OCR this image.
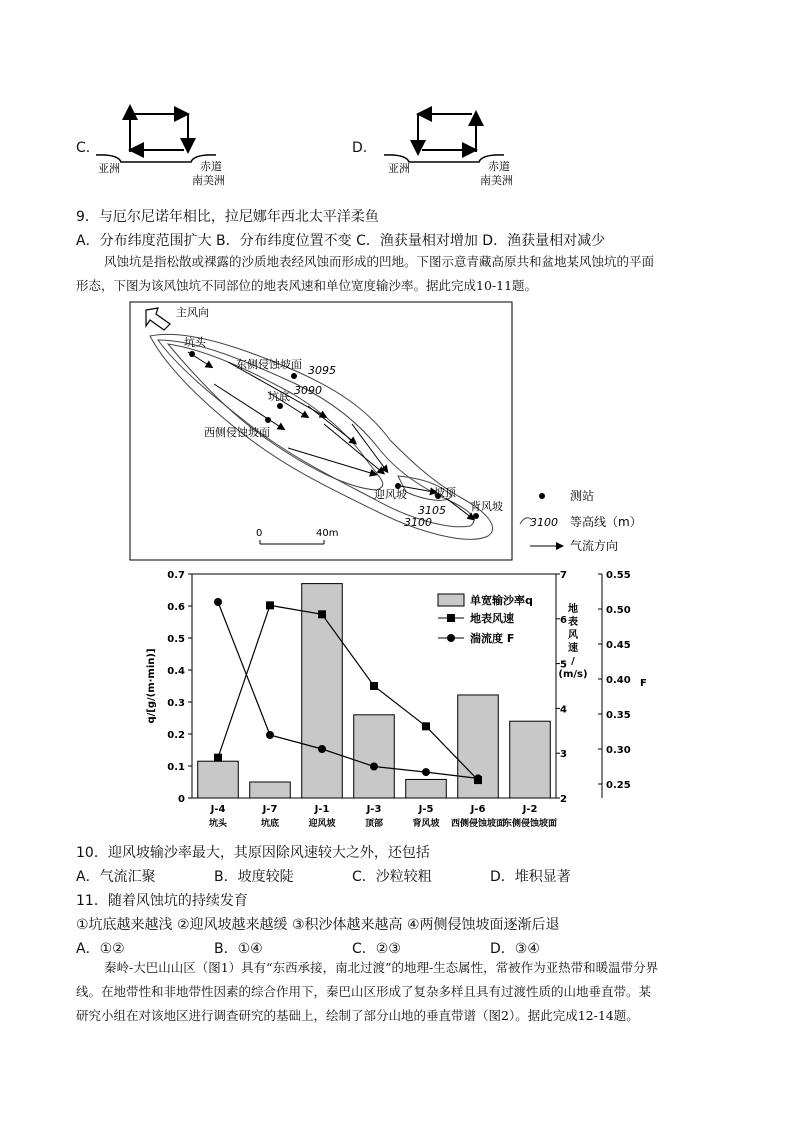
C.
亚洲	赤道
南美洲
D.
亚洲	赤道
南美洲
9．与厄尔尼诺年相比，拉尼娜年西北太平洋柔鱼
A．分布纬度范围扩大 B．分布纬度位置不变 C．渔获量相对增加 D．渔获量相对减少
风蚀坑是指松散或裸露的沙质地表经风蚀而形成的凹地。下图示意青藏高原共和盆地某风蚀坑的平面
形态，下图为该风蚀坑不同部位的地表风速和单位宽度输沙率。据此完成10-11题。
主风向
坑头
东侧侵蚀坡面 3095
3090
坑底
西侧侵蚀坡面
迎风坡 坡顶
背风坡
3105
3100
0	40m
测站
3100 等高线（m）
气流方向
0
0.1
0.2
0.3
0.4
0.5
0.6
0.7
2
3
4
5
6
7
地
表
风
速
/
(m/s)
0.25
0.30
0.35
0.40
0.45
0.50
0.55
J-4
坑头
J-7
坑底
J-1
迎风坡
J-3
顶部
J-5
背风坡
J-6
西侧侵蚀坡面
J-2
东侧侵蚀坡面
q/[g/(m·min)]	F
单宽输沙率q
地表风速
湍流度 F
10．迎风坡输沙率最大，其原因除风速较大之外，还包括
A．气流汇聚	B．坡度较陡	C．沙粒较粗	D．堆积显著
11．随着风蚀坑的持续发育
①坑底越来越浅 ②迎风坡越来越缓 ③积沙体越来越高 ④两侧侵蚀坡面逐渐后退
A．①②	B．①④	C．②③	D．③④
秦岭-大巴山山区（图1）具有“东西承接，南北过渡”的地理-生态属性，常被作为亚热带和暖温带分界
线。在地带性和非地带性因素的综合作用下，秦巴山区形成了复杂多样且具有过渡性质的山地垂直带。某
研究小组在对该地区进行调查研究的基础上，绘制了部分山地的垂直带谱（图2）。据此完成12-14题。
